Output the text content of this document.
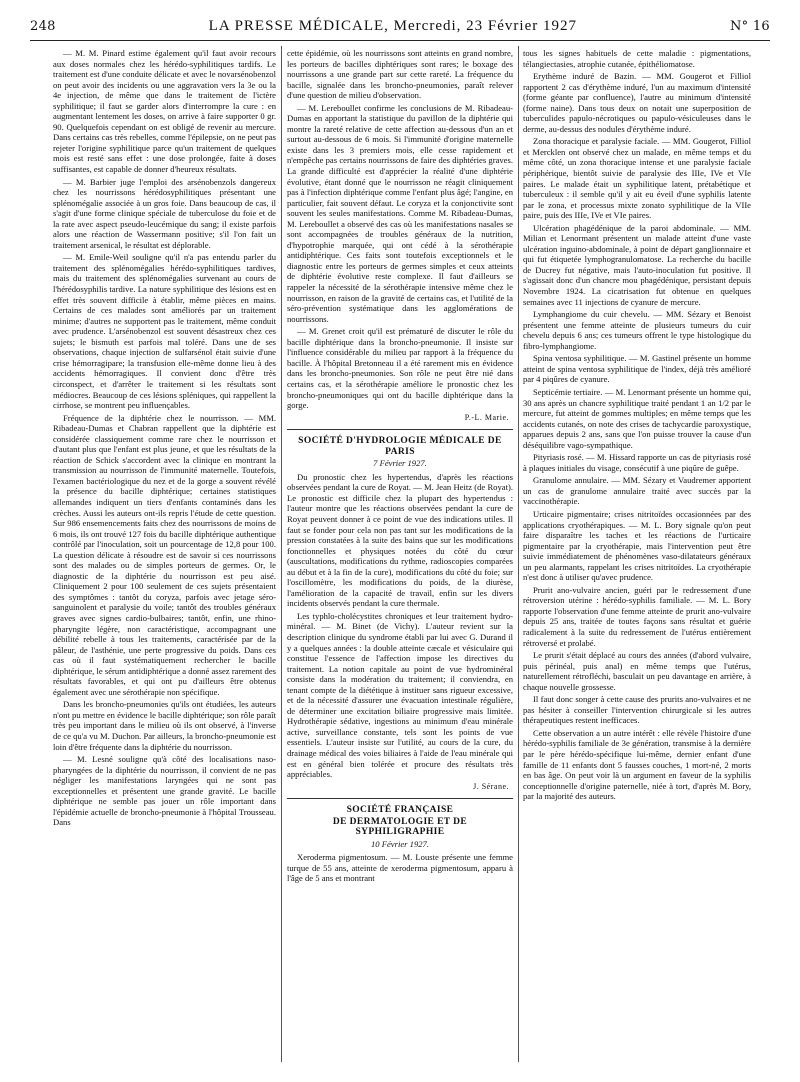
248	LA PRESSE MÉDICALE, Mercredi, 23 Février 1927	N° 16

— M. M. Pinard estime également qu'il faut avoir recours aux doses normales chez les hérédo-syphilitiques tardifs. Le traitement est d'une conduite délicate et avec le novarsénobenzol on peut avoir des incidents ou une aggravation vers la 3e ou la 4e injection, de même que dans le traitement de l'ictère syphilitique; il faut se garder alors d'interrompre la cure : en augmentant lentement les doses, on arrive à faire supporter 0 gr. 90. Quelquefois cependant on est obligé de revenir au mercure. Dans certains cas très rebelles, comme l'épilepsie, on ne peut pas rejeter l'origine syphilitique parce qu'un traitement de quelques mois est resté sans effet : une dose prolongée, faite à doses suffisantes, est capable de donner d'heureux résultats.

— M. Barbier juge l'emploi des arsénobenzols dangereux chez les nourrissons hérédosyphilitiques présentant une splénomégalie associée à un gros foie. Dans beaucoup de cas, il s'agit d'une forme clinique spéciale de tuberculose du foie et de la rate avec aspect pseudo-leucémique du sang; il existe parfois alors une réaction de Wassermann positive; s'il l'on fait un traitement arsenical, le résultat est déplorable.

— M. Emile-Weil souligne qu'il n'a pas entendu parler du traitement des splénomégalies hérédo-syphilitiques tardives, mais du traitement des splénomégalies survenant au cours de l'hérédosyphilis tardive. La nature syphilitique des lésions est en effet très souvent difficile à établir, même pièces en mains. Certains de ces malades sont améliorés par un traitement minime; d'autres ne supportent pas le traitement, même conduit avec prudence. L'arsénobenzol est souvent désastreux chez ces sujets; le bismuth est parfois mal toléré. Dans une de ses observations, chaque injection de sulfarsénol était suivie d'une crise hémorragipare; la transfusion elle-même donne lieu à des accidents hémorragiques. Il convient donc d'être très circonspect, et d'arrêter le traitement si les résultats sont médiocres. Beaucoup de ces lésions spléniques, qui rappellent la cirrhose, se montrent peu influençables.

Fréquence de la diphtérie chez le nourrisson. — MM. Ribadeau-Dumas et Chabran rappellent que la diphtérie est considérée classiquement comme rare chez le nourrisson et d'autant plus que l'enfant est plus jeune, et que les résultats de la réaction de Schick s'accordent avec la clinique en montrant la transmission au nourrisson de l'immunité maternelle. Toutefois, l'examen bactériologique du nez et de la gorge a souvent révélé la présence du bacille diphtérique; certaines statistiques allemandes indiquent un tiers d'enfants contaminés dans les crèches. Aussi les auteurs ont-ils repris l'étude de cette question. Sur 986 ensemencements faits chez des nourrissons de moins de 6 mois, ils ont trouvé 127 fois du bacille diphtérique authentique contrôlé par l'inoculation, soit un pourcentage de 12,8 pour 100. La question délicate à résoudre est de savoir si ces nourrissons sont des malades ou de simples porteurs de germes. Or, le diagnostic de la diphtérie du nourrisson est peu aisé. Cliniquement 2 pour 100 seulement de ces sujets présentaient des symptômes : tantôt du coryza, parfois avec jetage séro-sanguinolent et paralysie du voile; tantôt des troubles généraux graves avec signes cardio-bulbaires; tantôt, enfin, une rhino-pharyngite légère, non caractéristique, accompagnant une débilité rebelle à tous les traitements, caractérisée par de la pâleur, de l'asthénie, une perte progressive du poids. Dans ces cas où il faut systématiquement rechercher le bacille diphtérique, le sérum antidiphtérique a donné assez rarement des résultats favorables, et qui ont pu d'ailleurs être obtenus également avec une sérothérapie non spécifique.

Dans les broncho-pneumonies qu'ils ont étudiées, les auteurs n'ont pu mettre en évidence le bacille diphtérique; son rôle paraît très peu important dans le milieu où ils ont observé, à l'inverse de ce qu'a vu M. Duchon. Par ailleurs, la broncho-pneumonie est loin d'être fréquente dans la diphtérie du nourrisson.

— M. Lesné souligne qu'à côté des localisations naso-pharyngées de la diphtérie du nourrisson, il convient de ne pas négliger les manifestations laryngées qui ne sont pas exceptionnelles et présentent une grande gravité. Le bacille diphtérique ne semble pas jouer un rôle important dans l'épidémie actuelle de broncho-pneumonie à l'hôpital Trousseau. Dans

cette épidémie, où les nourrissons sont atteints en grand nombre, les porteurs de bacilles diphtériques sont rares; le boxage des nourrissons a une grande part sur cette rareté. La fréquence du bacille, signalée dans les broncho-pneumonies, paraît relever d'une question de milieu d'observation.

— M. Lereboullet confirme les conclusions de M. Ribadeau-Dumas en apportant la statistique du pavillon de la diphtérie qui montre la rareté relative de cette affection au-dessous d'un an et surtout au-dessous de 6 mois. Si l'immunité d'origine maternelle existe dans les 3 premiers mois, elle cesse rapidement et n'empêche pas certains nourrissons de faire des diphtéries graves. La grande difficulté est d'apprécier la réalité d'une diphtérie évolutive, étant donné que le nourrisson ne réagit cliniquement pas à l'infection diphtérique comme l'enfant plus âgé; l'angine, en particulier, fait souvent défaut. Le coryza et la conjonctivite sont souvent les seules manifestations. Comme M. Ribadeau-Dumas, M. Lereboullet a observé des cas où les manifestations nasales se sont accompagnées de troubles généraux de la nutrition, d'hypotrophie marquée, qui ont cédé à la sérothérapie antidiphtérique. Ces faits sont toutefois exceptionnels et le diagnostic entre les porteurs de germes simples et ceux atteints de diphtérie évolutive reste complexe. Il faut d'ailleurs se rappeler la nécessité de la sérothérapie intensive même chez le nourrisson, en raison de la gravité de certains cas, et l'utilité de la séro-prévention systématique dans les agglomérations de nourrissons.

— M. Grenet croit qu'il est prématuré de discuter le rôle du bacille diphtérique dans la broncho-pneumonie. Il insiste sur l'influence considérable du milieu par rapport à la fréquence du bacille. À l'hôpital Bretonneau il a été rarement mis en évidence dans les broncho-pneumonies. Son rôle ne peut être nié dans certains cas, et la sérothérapie améliore le pronostic chez les broncho-pneumoniques qui ont du bacille diphtérique dans la gorge.

P.-L. Marie.
SOCIÉTÉ D'HYDROLOGIE MÉDICALE DE PARIS
7 Février 1927.

Du pronostic chez les hypertendus, d'après les réactions observées pendant la cure de Royat. — M. Jean Heitz (de Royat). Le pronostic est difficile chez la plupart des hypertendus : l'auteur montre que les réactions observées pendant la cure de Royat peuvent donner à ce point de vue des indications utiles. Il faut se fonder pour cela non pas tant sur les modifications de la pression constatées à la suite des bains que sur les modifications fonctionnelles et physiques notées du côté du cœur (auscultations, modifications du rythme, radioscopies comparées au début et à la fin de la cure), modifications du côté du foie; sur l'oscillomètre, les modifications du poids, de la diurèse, l'amélioration de la capacité de travail, enfin sur les divers incidents observés pendant la cure thermale.

Les typhlo-cholécystites chroniques et leur traitement hydro-minéral. — M. Binet (de Vichy). L'auteur revient sur la description clinique du syndrome établi par lui avec G. Durand il y a quelques années : la double atteinte cæcale et vésiculaire qui constitue l'essence de l'affection impose les directives du traitement. La notion capitale au point de vue hydrominéral consiste dans la modération du traitement; il conviendra, en tenant compte de la diététique à instituer sans rigueur excessive, et de la nécessité d'assurer une évacuation intestinale régulière, de déterminer une excitation biliaire progressive mais limitée. Hydrothérapie sédative, ingestions au minimum d'eau minérale active, surveillance constante, tels sont les points de vue essentiels. L'auteur insiste sur l'utilité, au cours de la cure, du drainage médical des voies biliaires à l'aide de l'eau minérale qui est en général bien tolérée et procure des résultats très appréciables.

J. Sérane.
SOCIÉTÉ FRANÇAISE
DE DERMATOLOGIE ET DE SYPHILIGRAPHIE
10 Février 1927.

Xeroderma pigmentosum. — M. Louste présente une femme turque de 55 ans, atteinte de xeroderma pigmentosum, apparu à l'âge de 5 ans et montrant

tous les signes habituels de cette maladie : pigmentations, télangiectasies, atrophie cutanée, épithéliomatose.

Erythème induré de Bazin. — MM. Gougerot et Filliol rapportent 2 cas d'érythème induré, l'un au maximum d'intensité (forme géante par confluence), l'autre au minimum d'intensité (forme naine). Dans tous deux on notait une superposition de tuberculides papulo-nécrotiques ou papulo-vésiculeuses dans le derme, au-dessus des nodules d'érythème induré.

Zona thoracique et paralysie faciale. — MM. Gougerot, Filliol et Mercklen ont observé chez un malade, en même temps et du même côté, un zona thoracique intense et une paralysie faciale périphérique, bientôt suivie de paralysie des IIIe, IVe et VIe paires. Le malade était un syphilitique latent, prétabétique et tuberculeux : il semble qu'il y ait eu éveil d'une syphilis latente par le zona, et processus mixte zonato syphilitique de la VIIe paire, puis des IIIe, IVe et VIe paires.

Ulcération phagédénique de la paroi abdominale. — MM. Milian et Lenormant présentent un malade atteint d'une vaste ulcération inguino-abdominale, à point de départ ganglionnaire et qui fut étiquetée lymphogranulomatose. La recherche du bacille de Ducrey fut négative, mais l'auto-inoculation fut positive. Il s'agissait donc d'un chancre mou phagédénique, persistant depuis Novembre 1924. La cicatrisation fut obtenue en quelques semaines avec 11 injections de cyanure de mercure.

Lymphangiome du cuir chevelu. — MM. Sézary et Benoist présentent une femme atteinte de plusieurs tumeurs du cuir chevelu depuis 6 ans; ces tumeurs offrent le type histologique du fibro-lymphangiome.

Spina ventosa syphilitique. — M. Gastinel présente un homme atteint de spina ventosa syphilitique de l'index, déjà très amélioré par 4 piqûres de cyanure.

Septicémie tertiaire. — M. Lenormant présente un homme qui, 30 ans après un chancre syphilitique traité pendant 1 an 1/2 par le mercure, fut atteint de gommes multiples; en même temps que les accidents cutanés, on note des crises de tachycardie paroxystique, apparues depuis 2 ans, sans que l'on puisse trouver la cause d'un déséquilibre vago-sympathique.

Pityriasis rosé. — M. Hissard rapporte un cas de pityriasis rosé à plaques initiales du visage, consécutif à une piqûre de guêpe.

Granulome annulaire. — MM. Sézary et Vaudremer apportent un cas de granulome annulaire traité avec succès par la vaccinothérapie.

Urticaire pigmentaire; crises nitritoïdes occasionnées par des applications cryothérapiques. — M. L. Bory signale qu'on peut faire disparaître les taches et les réactions de l'urticaire pigmentaire par la cryothérapie, mais l'intervention peut être suivie immédiatement de phénomènes vaso-dilatateurs généraux un peu alarmants, rappelant les crises nitritoïdes. La cryothérapie n'est donc à utiliser qu'avec prudence.

Prurit ano-vulvaire ancien, guéri par le redressement d'une rétroversion utérine : hérédo-syphilis familiale. — M. L. Bory rapporte l'observation d'une femme atteinte de prurit ano-vulvaire depuis 25 ans, traitée de toutes façons sans résultat et guérie radicalement à la suite du redressement de l'utérus entièrement rétroversé et prolabé.

Le prurit s'était déplacé au cours des années (d'abord vulvaire, puis périnéal, puis anal) en même temps que l'utérus, naturellement rétrofléchi, basculait un peu davantage en arrière, à chaque nouvelle grossesse.

Il faut donc songer à cette cause des prurits ano-vulvaires et ne pas hésiter à conseiller l'intervention chirurgicale si les autres thérapeutiques restent inefficaces.

Cette observation a un autre intérêt : elle révèle l'histoire d'une hérédo-syphilis familiale de 3e génération, transmise à la dernière par le père hérédo-spécifique lui-même, dernier enfant d'une famille de 11 enfants dont 5 fausses couches, 1 mort-né, 2 morts en bas âge. On peut voir là un argument en faveur de la syphilis conceptionnelle d'origine paternelle, niée à tort, d'après M. Bory, par la majorité des auteurs.
